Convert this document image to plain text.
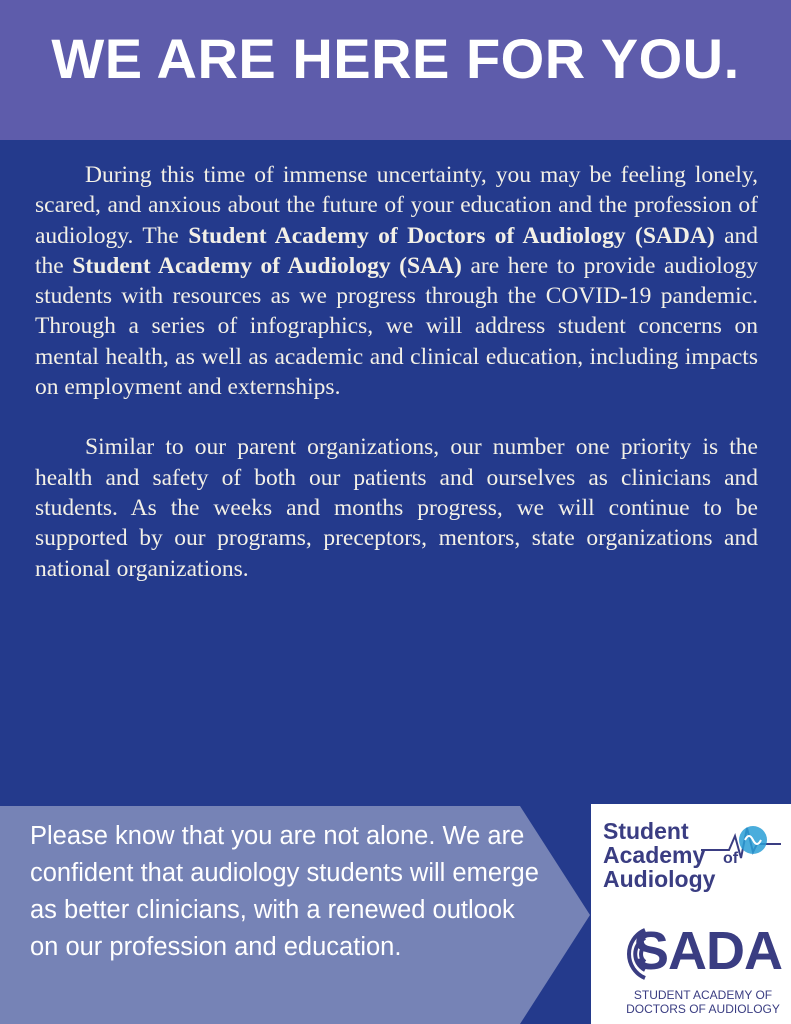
WE ARE HERE FOR YOU.

During this time of immense uncertainty, you may be feeling lonely, scared, and anxious about the future of your education and the profession of audiology. The Student Academy of Doctors of Audiology (SADA) and the Student Academy of Audiology (SAA) are here to provide audiology students with resources as we progress through the COVID-19 pandemic. Through a series of infographics, we will address student concerns on mental health, as well as academic and clinical education, including impacts on employment and externships.

Similar to our parent organizations, our number one priority is the health and safety of both our patients and ourselves as clinicians and students. As the weeks and months progress, we will continue to be supported by our programs, preceptors, mentors, state organizations and national organizations.

Please know that you are not alone. We are confident that audiology students will emerge as better clinicians, with a renewed outlook on our profession and education.
Student
Academy of
Audiology
SADA
STUDENT ACADEMY OF
DOCTORS OF AUDIOLOGY
